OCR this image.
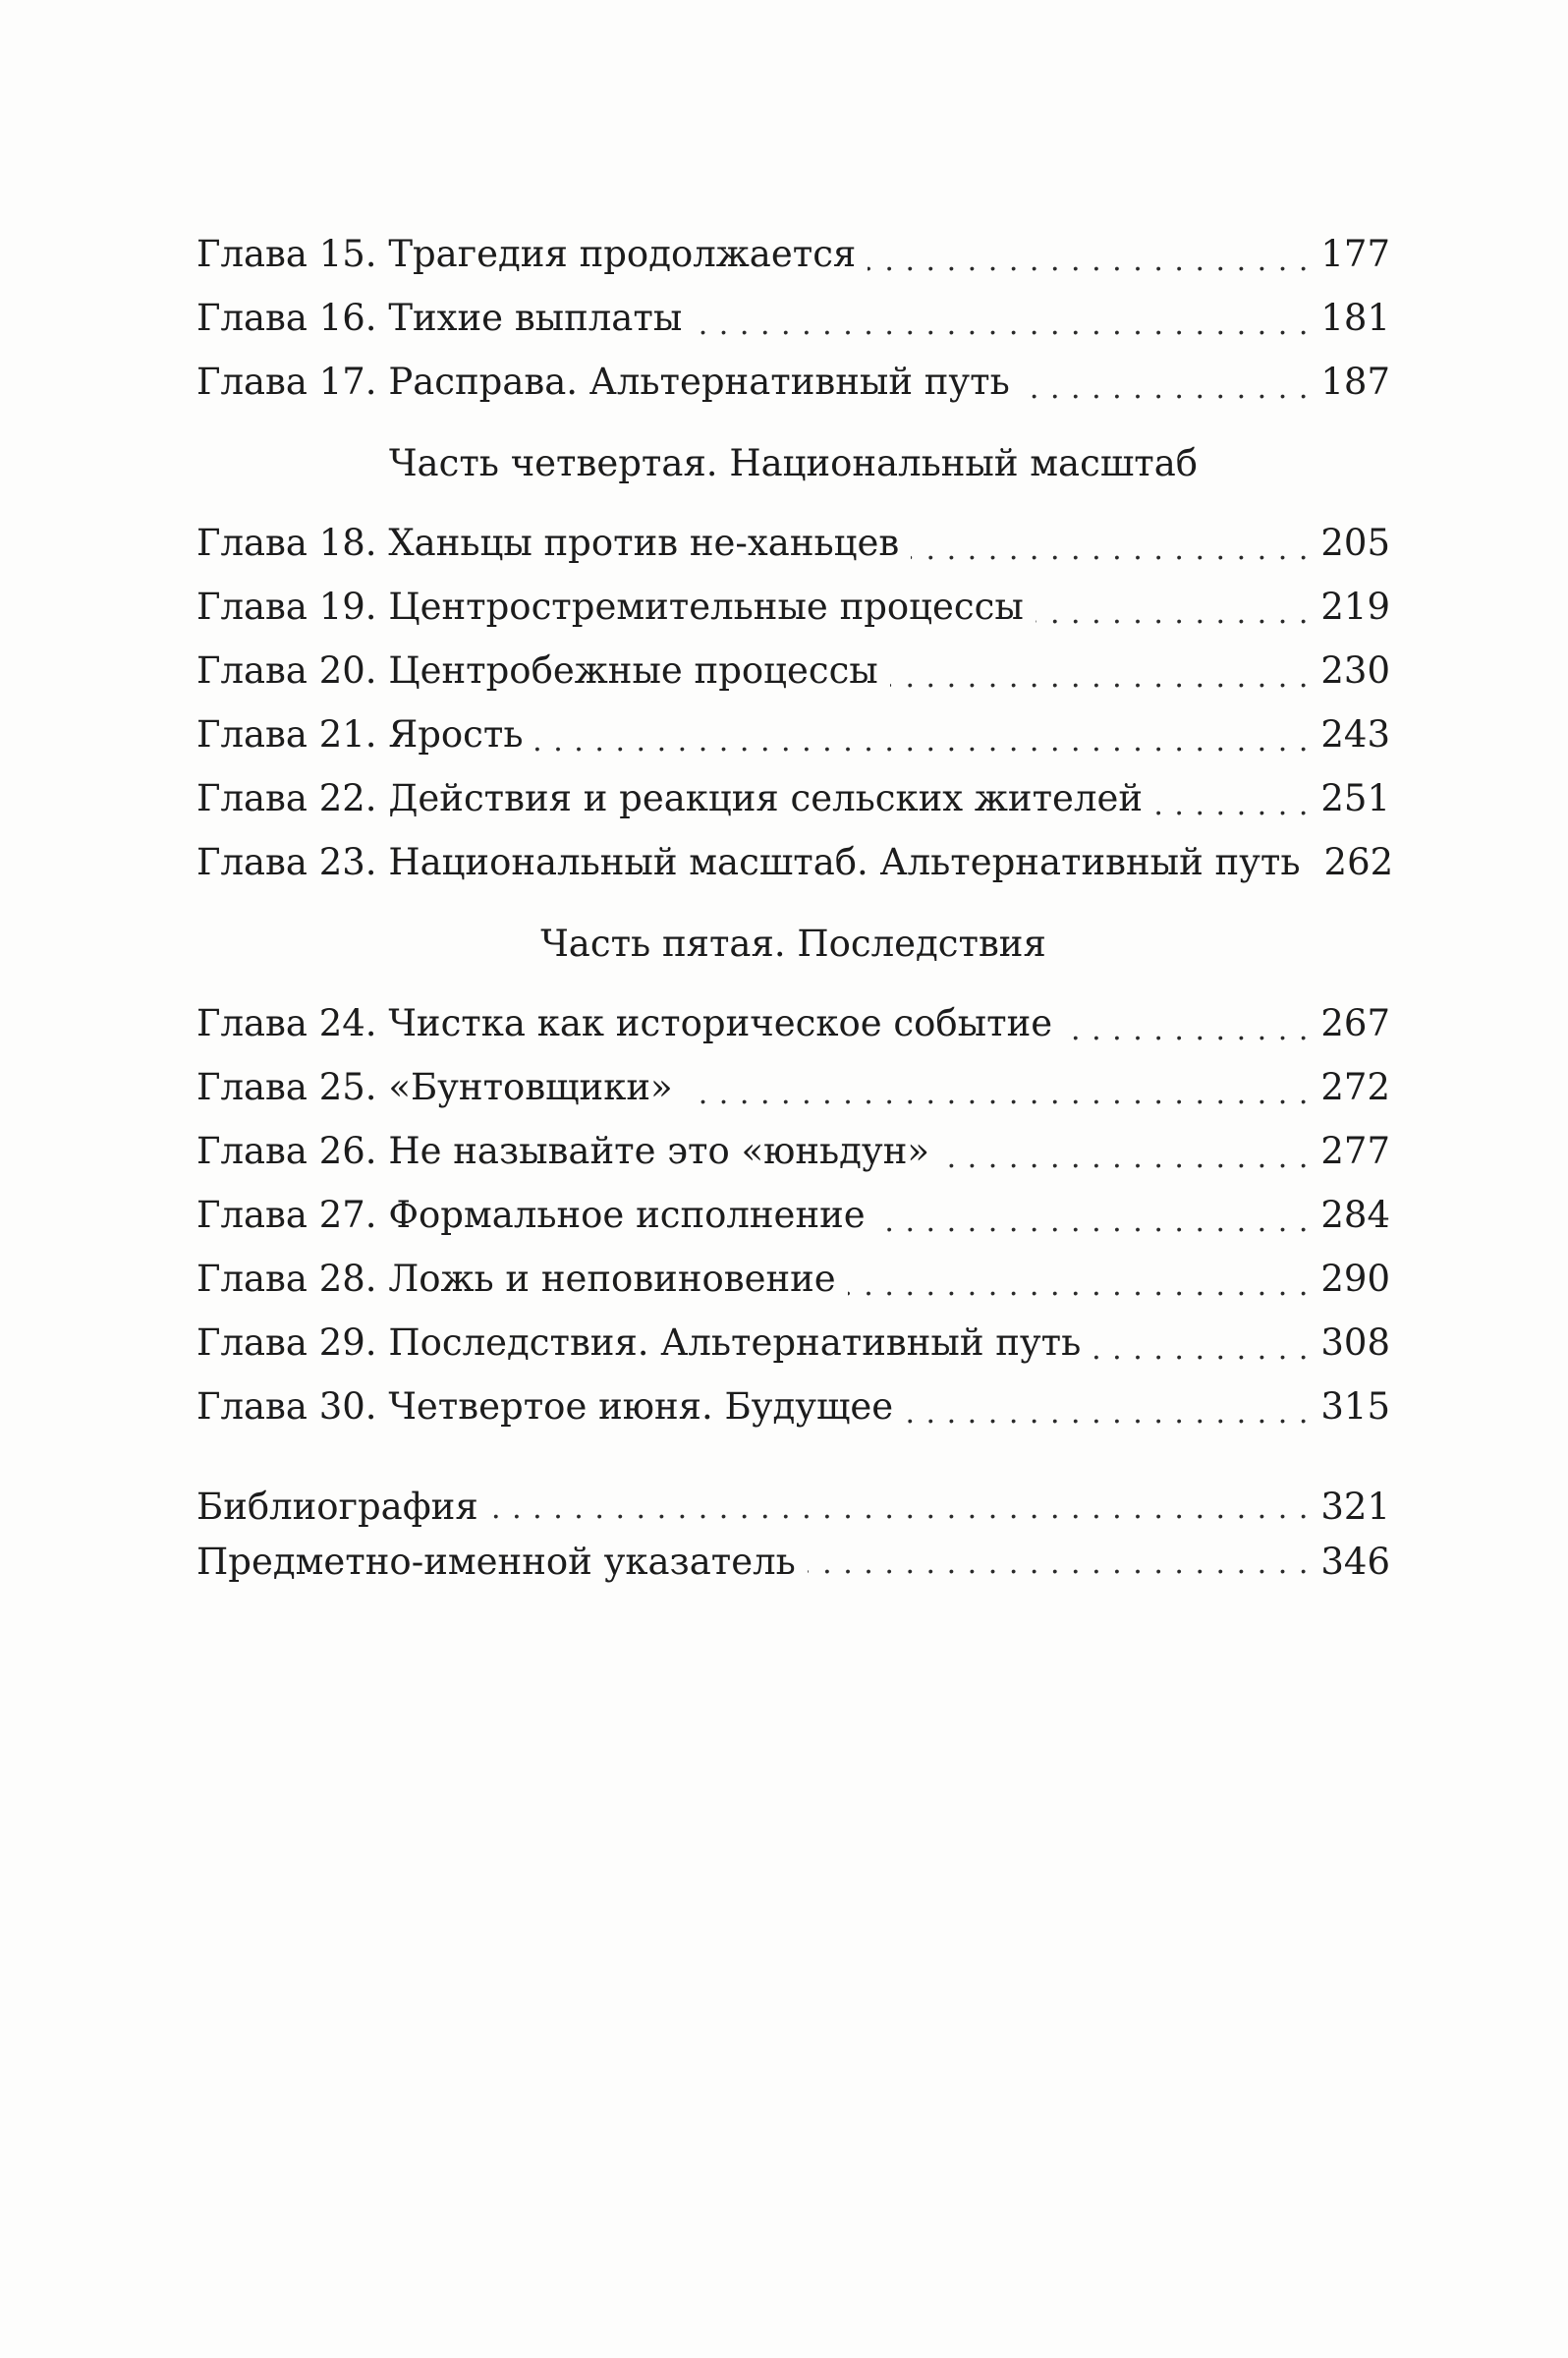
Глава 15. Трагедия продолжается . . .	177
Глава 16. Тихие выплаты . . .	181
Глава 17. Расправа. Альтернативный путь . . .	187
Часть четвертая. Национальный масштаб
Глава 18. Ханьцы против не-ханьцев . . .	205
Глава 19. Центростремительные процессы . . .	219
Глава 20. Центробежные процессы . . .	230
Глава 21. Ярость . . .	243
Глава 22. Действия и реакция сельских жителей . . .	251
Глава 23. Национальный масштаб. Альтернативный путь 262
Часть пятая. Последствия
Глава 24. Чистка как историческое событие . . .	267
Глава 25. «Бунтовщики» . . .	272
Глава 26. Не называйте это «юньдун» . . .	277
Глава 27. Формальное исполнение . . .	284
Глава 28. Ложь и неповиновение . . .	290
Глава 29. Последствия. Альтернативный путь . . .	308
Глава 30. Четвертое июня. Будущее . . .	315
Библиография . . .	321
Предметно-именной указатель . . .	346
